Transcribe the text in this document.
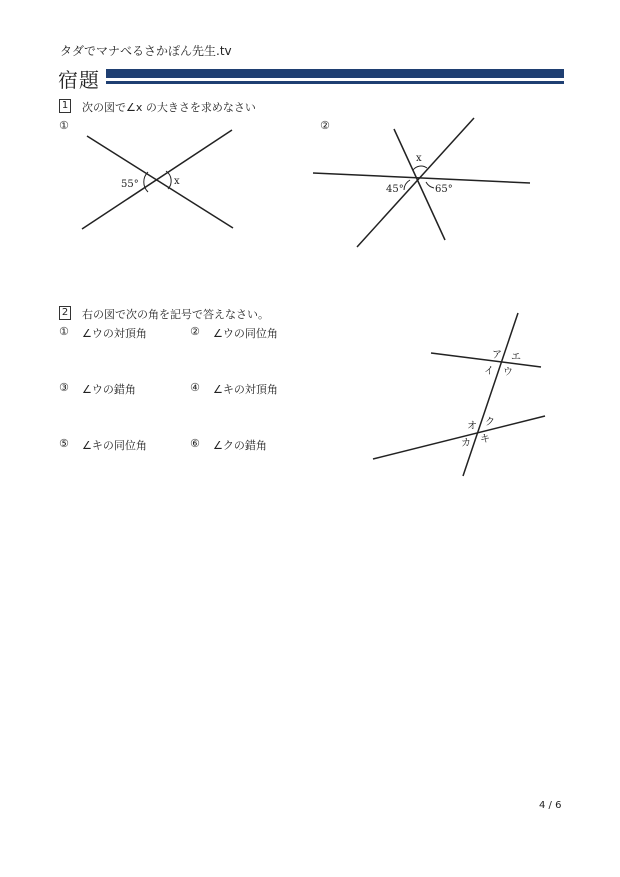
タダでマナべるさかぽん先生.tv
宿題
1 次の図で∠x の大きさを求めなさい
①	②
55°	x
x
45°	65°
ア エ
イ ウ
オ ク
カ キ
2 右の図で次の角を記号で答えなさい。
① ∠ウの対頂角	② ∠ウの同位角
③ ∠ウの錯角	④ ∠キの対頂角
⑤ ∠キの同位角	⑥ ∠クの錯角
4 / 6
